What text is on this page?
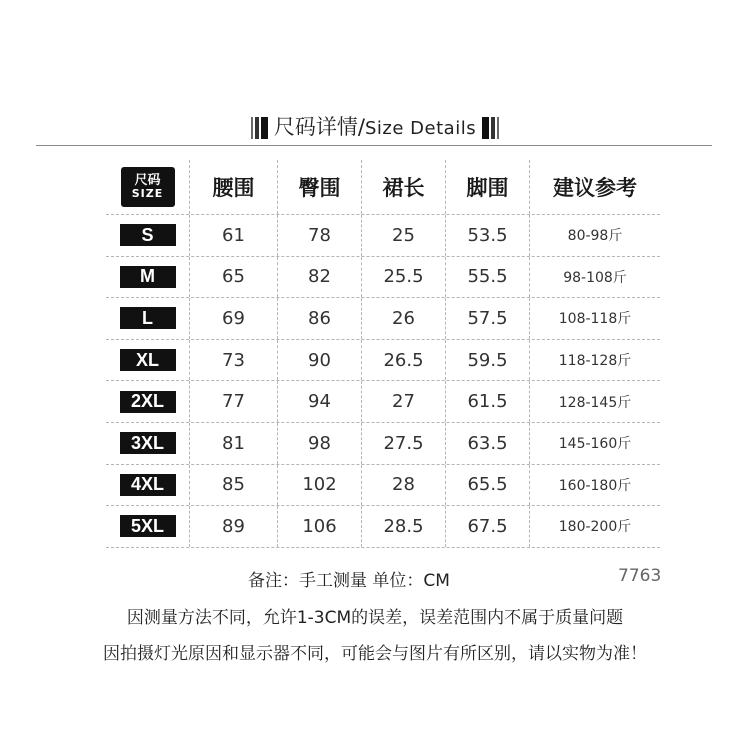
尺码详情/Size Details
尺码
SIZE	腰围	臀围	裙长	脚围	建议参考
S	61	78	25	53.5	80-98斤
M	65	82	25.5	55.5	98-108斤
L	69	86	26	57.5	108-118斤
XL	73	90	26.5	59.5	118-128斤
2XL	77	94	27	61.5	128-145斤
3XL	81	98	27.5	63.5	145-160斤
4XL	85	102	28	65.5	160-180斤
5XL	89	106	28.5	67.5	180-200斤
备注：手工测量 单位：CM	7763
因测量方法不同，允许1-3CM的误差，误差范围内不属于质量问题
因拍摄灯光原因和显示器不同，可能会与图片有所区别，请以实物为准！
